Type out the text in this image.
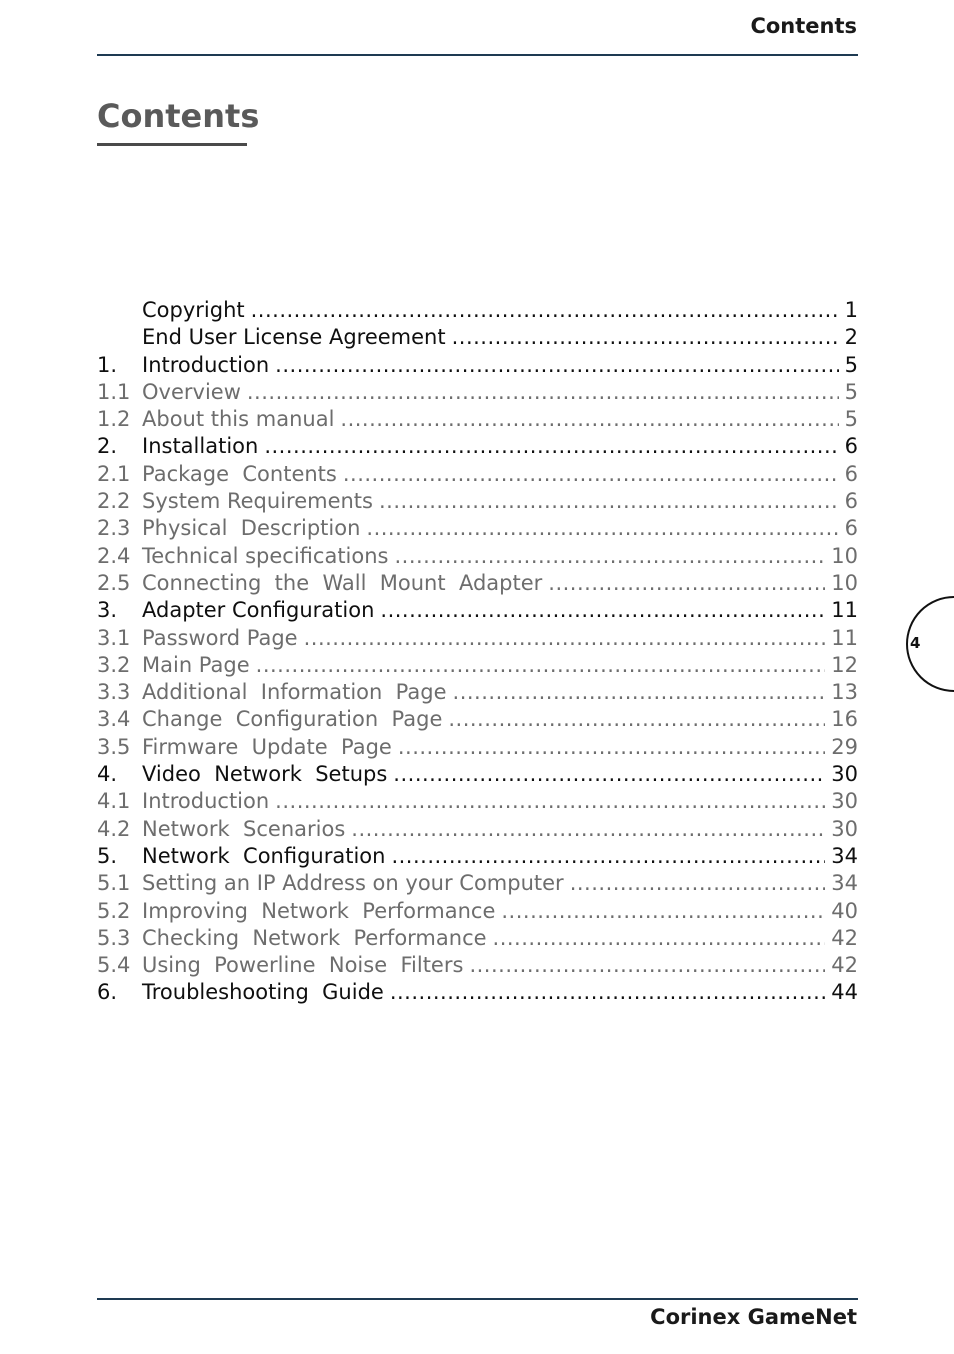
Contents
Contents
Copyright .....	1
End User License Agreement .....	2
1.	Introduction .....	5
1.1 Overview .....	5
1.2 About this manual .....	5
2.	Installation .....	6
2.1 Package  Contents .....	6
2.2 System Requirements .....	6
2.3 Physical  Description .....	6
2.4 Technical specifications .....	10
2.5 Connecting  the  Wall  Mount  Adapter .....	10
3.	Adapter Configuration .....	11
3.1 Password Page .....	11
3.2 Main Page .....	12
3.3 Additional  Information  Page .....	13
3.4 Change  Configuration  Page .....	16
3.5 Firmware  Update  Page .....	29
4.	Video  Network  Setups .....	30
4.1 Introduction .....	30
4.2 Network  Scenarios .....	30
5.	Network  Configuration .....	34
5.1 Setting an IP Address on your Computer .....	34
5.2 Improving  Network  Performance .....	40
5.3 Checking  Network  Performance .....	42
5.4 Using  Powerline  Noise  Filters .....	42
6.	Troubleshooting  Guide .....	44
4
Corinex GameNet
